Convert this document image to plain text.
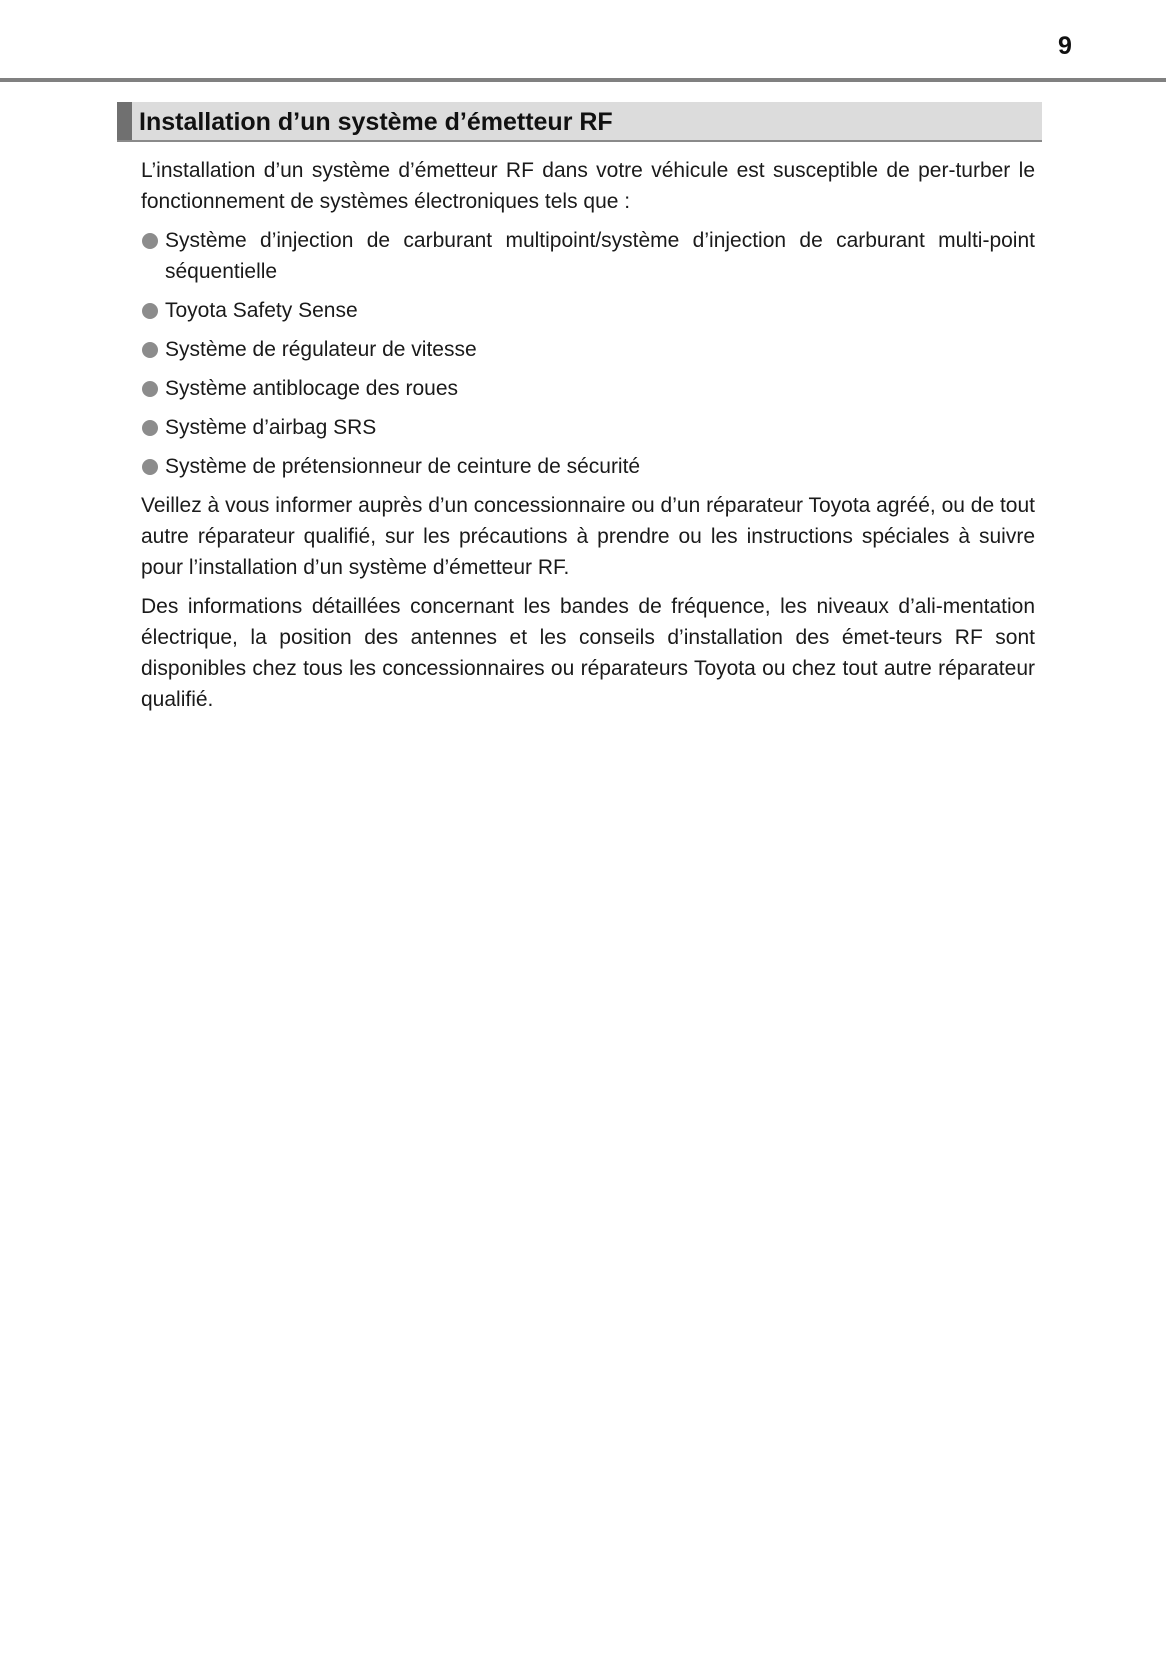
9
Installation d’un système d’émetteur RF

L’installation d’un système d’émetteur RF dans votre véhicule est susceptible de per-turber le fonctionnement de systèmes électroniques tels que :

Système d’injection de carburant multipoint/système d’injection de carburant multi-point séquentielle
Toyota Safety Sense
Système de régulateur de vitesse
Système antiblocage des roues
Système d’airbag SRS
Système de prétensionneur de ceinture de sécurité

Veillez à vous informer auprès d’un concessionnaire ou d’un réparateur Toyota agréé, ou de tout autre réparateur qualifié, sur les précautions à prendre ou les instructions spéciales à suivre pour l’installation d’un système d’émetteur RF.

Des informations détaillées concernant les bandes de fréquence, les niveaux d’ali-mentation électrique, la position des antennes et les conseils d’installation des émet-teurs RF sont disponibles chez tous les concessionnaires ou réparateurs Toyota ou chez tout autre réparateur qualifié.
